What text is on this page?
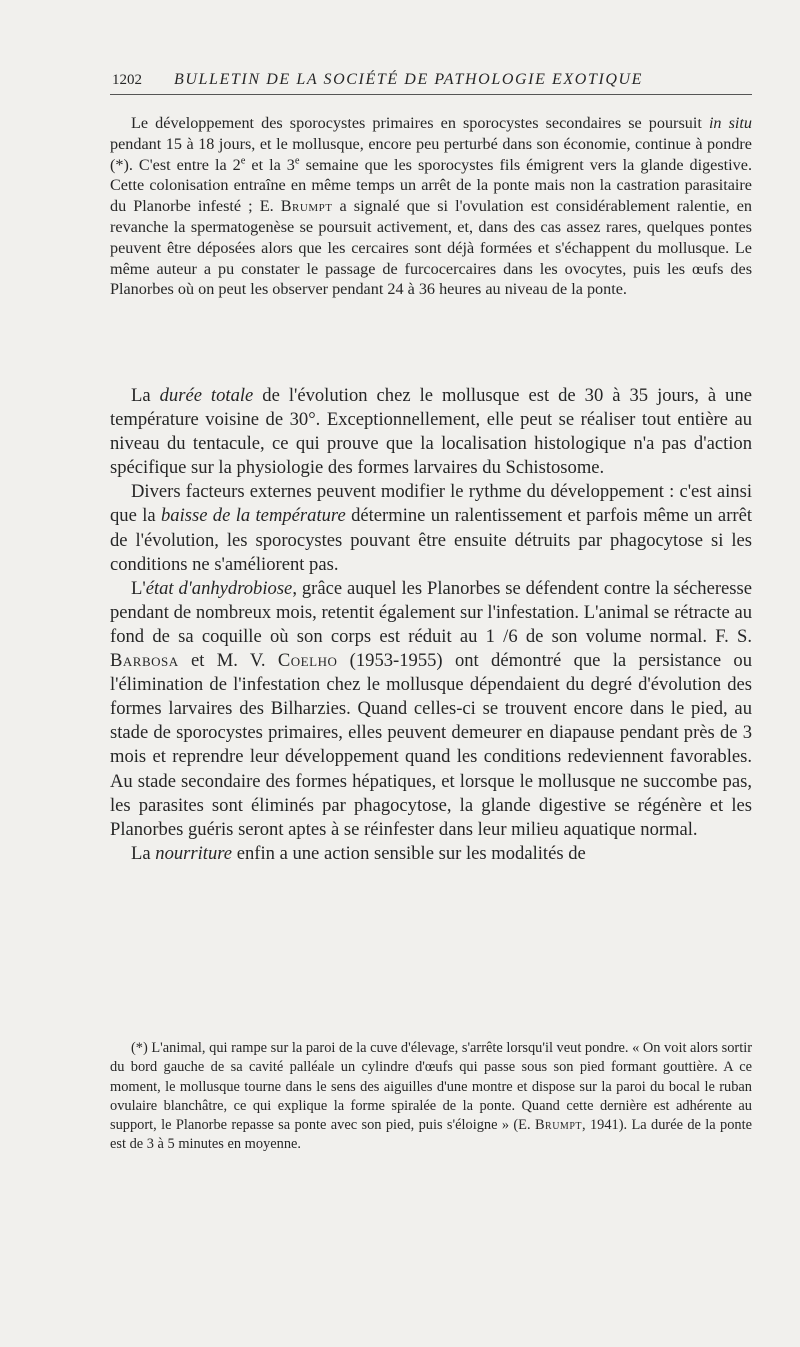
1202 BULLETIN DE LA SOCIÉTÉ DE PATHOLOGIE EXOTIQUE

Le développement des sporocystes primaires en sporocystes secondaires se poursuit in situ pendant 15 à 18 jours, et le mollusque, encore peu perturbé dans son économie, continue à pondre (*). C'est entre la 2e et la 3e semaine que les sporocystes fils émigrent vers la glande digestive. Cette colonisation entraîne en même temps un arrêt de la ponte mais non la castration parasitaire du Planorbe infesté ; E. Brumpt a signalé que si l'ovulation est considérablement ralentie, en revanche la spermatogenèse se poursuit activement, et, dans des cas assez rares, quelques pontes peuvent être déposées alors que les cercaires sont déjà formées et s'échappent du mollusque. Le même auteur a pu constater le passage de furcocercaires dans les ovocytes, puis les œufs des Planorbes où on peut les observer pendant 24 à 36 heures au niveau de la ponte.

La durée totale de l'évolution chez le mollusque est de 30 à 35 jours, à une température voisine de 30°. Exceptionnellement, elle peut se réaliser tout entière au niveau du tentacule, ce qui prouve que la localisation histologique n'a pas d'action spécifique sur la physiologie des formes larvaires du Schistosome.

Divers facteurs externes peuvent modifier le rythme du développement : c'est ainsi que la baisse de la température détermine un ralentissement et parfois même un arrêt de l'évolution, les sporocystes pouvant être ensuite détruits par phagocytose si les conditions ne s'améliorent pas.

L'état d'anhydrobiose, grâce auquel les Planorbes se défendent contre la sécheresse pendant de nombreux mois, retentit également sur l'infestation. L'animal se rétracte au fond de sa coquille où son corps est réduit au 1 /6 de son volume normal. F. S. Barbosa et M. V. Coelho (1953-1955) ont démontré que la persistance ou l'élimination de l'infestation chez le mollusque dépendaient du degré d'évolution des formes larvaires des Bilharzies. Quand celles-ci se trouvent encore dans le pied, au stade de sporocystes primaires, elles peuvent demeurer en diapause pendant près de 3 mois et reprendre leur développement quand les conditions redeviennent favorables. Au stade secondaire des formes hépatiques, et lorsque le mollusque ne succombe pas, les parasites sont éliminés par phagocytose, la glande digestive se régénère et les Planorbes guéris seront aptes à se réinfester dans leur milieu aquatique normal.

La nourriture enfin a une action sensible sur les modalités de

(*) L'animal, qui rampe sur la paroi de la cuve d'élevage, s'arrête lorsqu'il veut pondre. « On voit alors sortir du bord gauche de sa cavité palléale un cylindre d'œufs qui passe sous son pied formant gouttière. A ce moment, le mollusque tourne dans le sens des aiguilles d'une montre et dispose sur la paroi du bocal le ruban ovulaire blanchâtre, ce qui explique la forme spiralée de la ponte. Quand cette dernière est adhérente au support, le Planorbe repasse sa ponte avec son pied, puis s'éloigne » (E. Brumpt, 1941). La durée de la ponte est de 3 à 5 minutes en moyenne.
